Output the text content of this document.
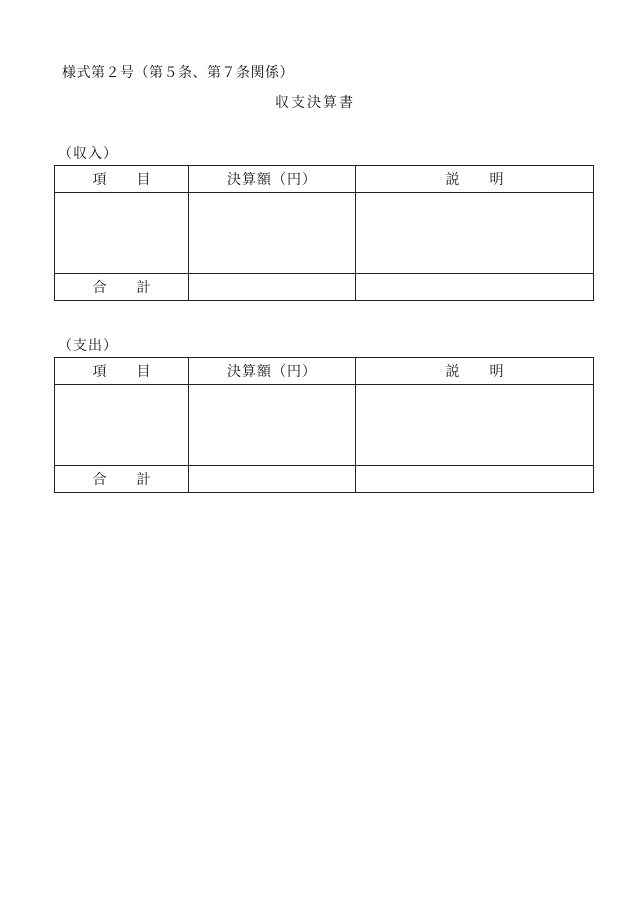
様式第２号（第５条、第７条関係）
収支決算書
（収入）
項 目	決算額（円）	説 明

合 計		
（支出）
項 目	決算額（円）	説 明

合 計		
